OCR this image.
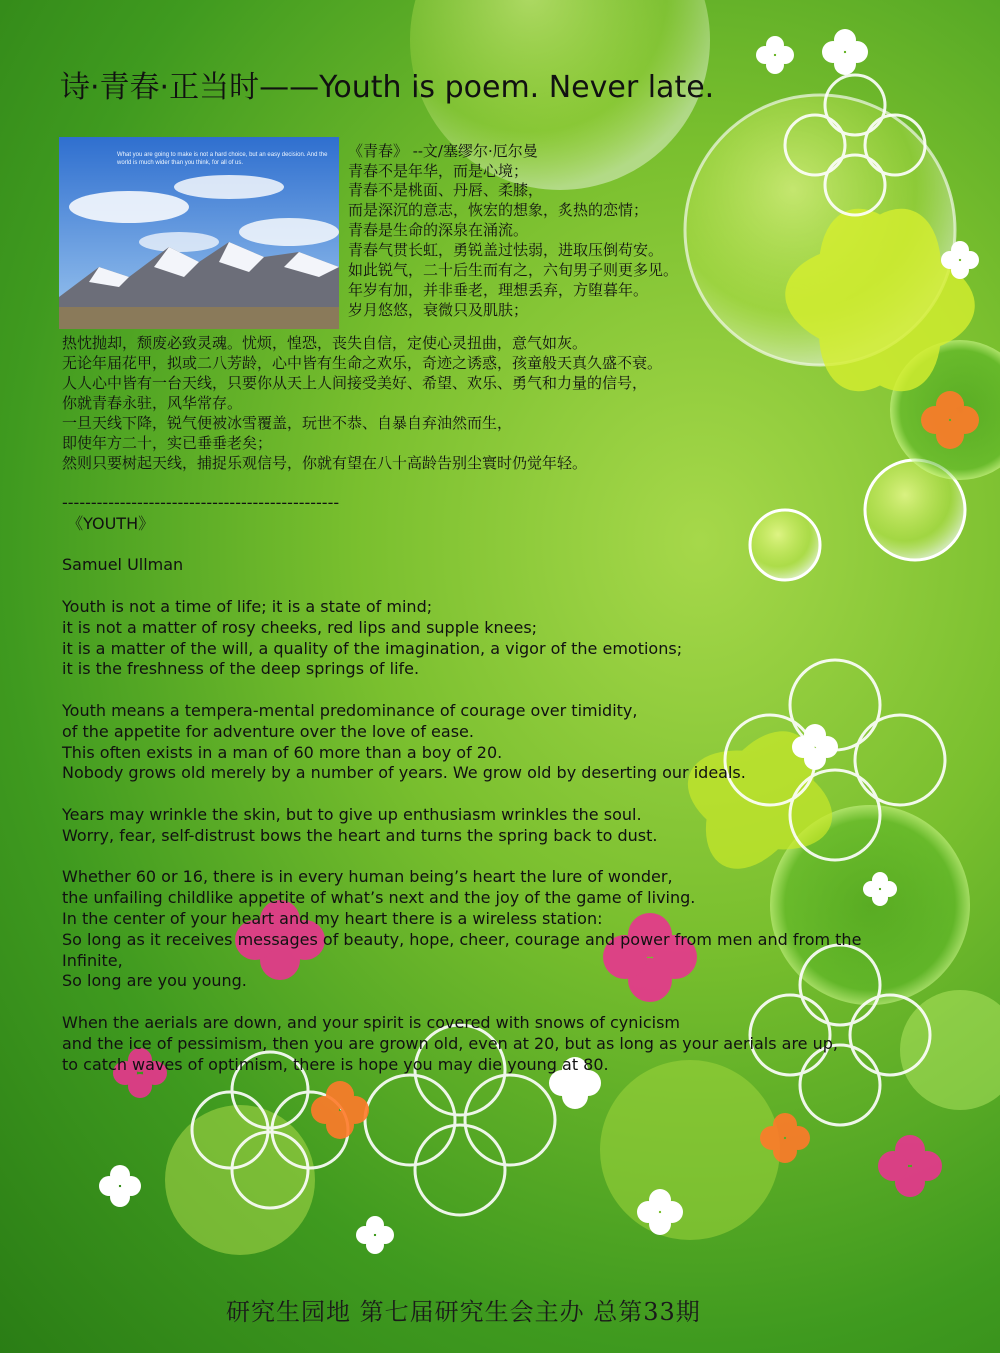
诗·青春·正当时——Youth is poem. Never late.
What you are going to make is not a hard choice, but an easy decision. And the world is much wider than you think, for all of us.
《青春》 --文/塞缪尔·厄尔曼
青春不是年华，而是心境；
青春不是桃面、丹唇、柔膝，
而是深沉的意志，恢宏的想象，炙热的恋情；
青春是生命的深泉在涌流。
青春气贯长虹，勇锐盖过怯弱，进取压倒苟安。
如此锐气，二十后生而有之，六旬男子则更多见。
年岁有加，并非垂老，理想丢弃，方堕暮年。
岁月悠悠，衰微只及肌肤；
热忱抛却，颓废必致灵魂。忧烦，惶恐，丧失自信，定使心灵扭曲，意气如灰。
无论年届花甲，拟或二八芳龄，心中皆有生命之欢乐，奇迹之诱惑，孩童般天真久盛不衰。
人人心中皆有一台天线，只要你从天上人间接受美好、希望、欢乐、勇气和力量的信号，
你就青春永驻，风华常存。
一旦天线下降，锐气便被冰雪覆盖，玩世不恭、自暴自弃油然而生，
即使年方二十，实已垂垂老矣；
然则只要树起天线，捕捉乐观信号，你就有望在八十高龄告别尘寰时仍觉年轻。
------------------------------------------------
《YOUTH》
Samuel Ullman
Youth is not a time of life; it is a state of mind;
it is not a matter of rosy cheeks, red lips and supple knees;
it is a matter of the will, a quality of the imagination, a vigor of the emotions;
it is the freshness of the deep springs of life.
Youth means a tempera-mental predominance of courage over timidity,
of the appetite for adventure over the love of ease.
This often exists in a man of 60 more than a boy of 20.
Nobody grows old merely by a number of years. We grow old by deserting our ideals.
Years may wrinkle the skin, but to give up enthusiasm wrinkles the soul.
Worry, fear, self-distrust bows the heart and turns the spring back to dust.
Whether 60 or 16, there is in every human being’s heart the lure of wonder,
the unfailing childlike appetite of what’s next and the joy of the game of living.
In the center of your heart and my heart there is a wireless station:
So long as it receives messages of beauty, hope, cheer, courage and power from men and from the
Infinite,
So long are you young.
When the aerials are down, and your spirit is covered with snows of cynicism
and the ice of pessimism, then you are grown old, even at 20, but as long as your aerials are up,
to catch waves of optimism, there is hope you may die young at 80.
研究生园地 第七届研究生会主办 总第33期
